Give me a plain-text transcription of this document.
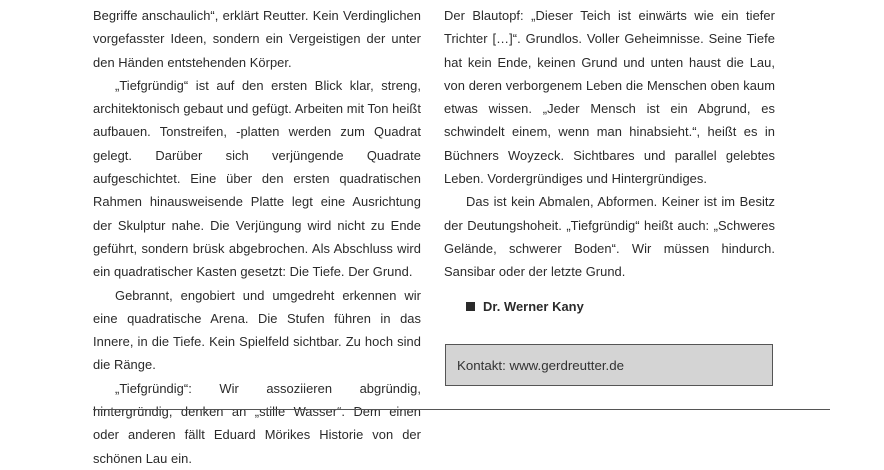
Begriffe anschaulich“, erklärt Reutter. Kein Verdinglichen vorgefasster Ideen, sondern ein Vergeistigen der unter den Händen entstehenden Körper.

„Tiefgründig“ ist auf den ersten Blick klar, streng, architektonisch gebaut und gefügt. Arbeiten mit Ton heißt aufbauen. Tonstreifen, -platten werden zum Quadrat gelegt. Darüber sich verjüngende Quadrate aufgeschichtet. Eine über den ersten quadratischen Rahmen hinausweisende Platte legt eine Ausrichtung der Skulptur nahe. Die Verjüngung wird nicht zu Ende geführt, sondern brüsk abgebrochen. Als Abschluss wird ein quadratischer Kasten gesetzt: Die Tiefe. Der Grund.

Gebrannt, engobiert und umgedreht erkennen wir eine quadratische Arena. Die Stufen führen in das Innere, in die Tiefe. Kein Spielfeld sichtbar. Zu hoch sind die Ränge.

„Tiefgründig“: Wir assoziieren abgründig, hintergründig, denken an „stille Wasser“. Dem einen oder anderen fällt Eduard Mörikes Historie von der schönen Lau ein.

Der Blautopf: „Dieser Teich ist einwärts wie ein tiefer Trichter […]“. Grundlos. Voller Geheimnisse. Seine Tiefe hat kein Ende, keinen Grund und unten haust die Lau, von deren verborgenem Leben die Menschen oben kaum etwas wissen. „Jeder Mensch ist ein Abgrund, es schwindelt einem, wenn man hinabsieht.“, heißt es in Büchners Woyzeck. Sichtbares und parallel gelebtes Leben. Vordergründiges und Hintergründiges.

Das ist kein Abmalen, Abformen. Keiner ist im Besitz der Deutungshoheit. „Tiefgründig“ heißt auch: „Schweres Gelände, schwerer Boden“. Wir müssen hindurch. Sansibar oder der letzte Grund.

Dr. Werner Kany
Kontakt: www.gerdreutter.de
